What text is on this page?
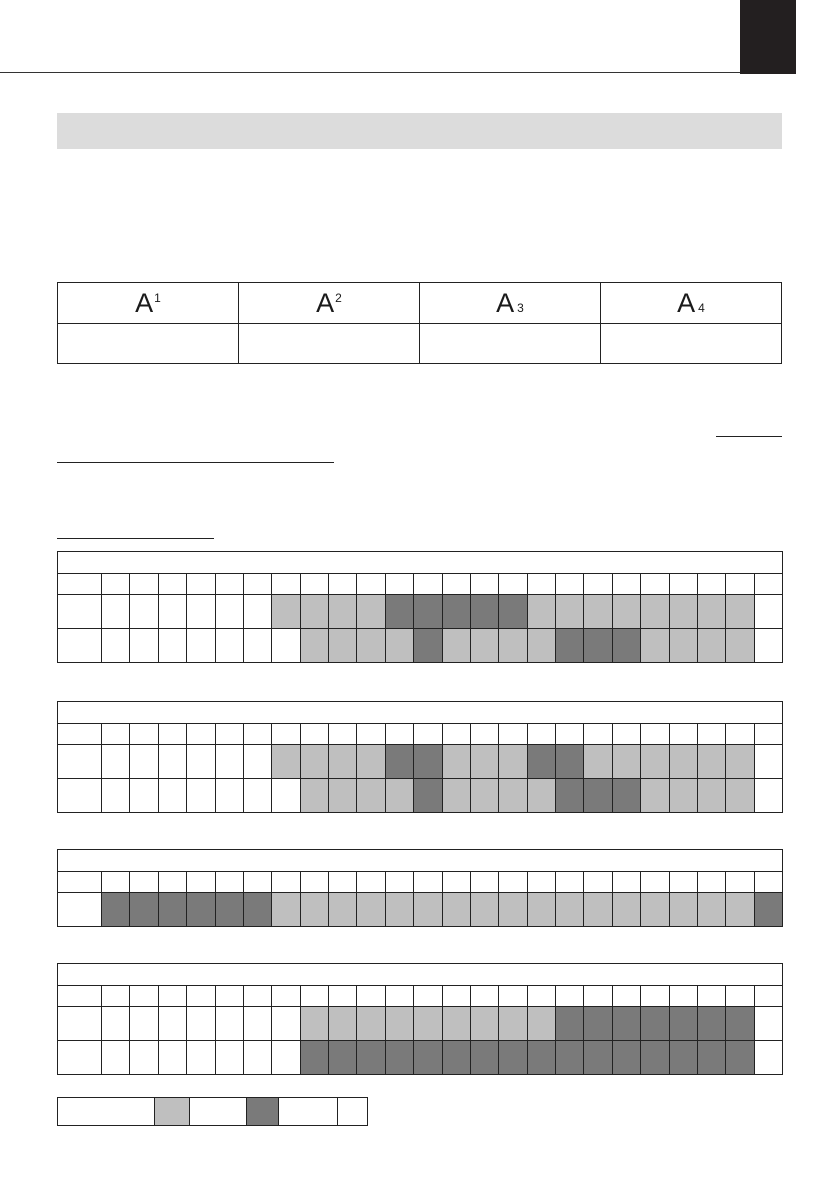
$A^1$	$A^2$	A 3	A 4
